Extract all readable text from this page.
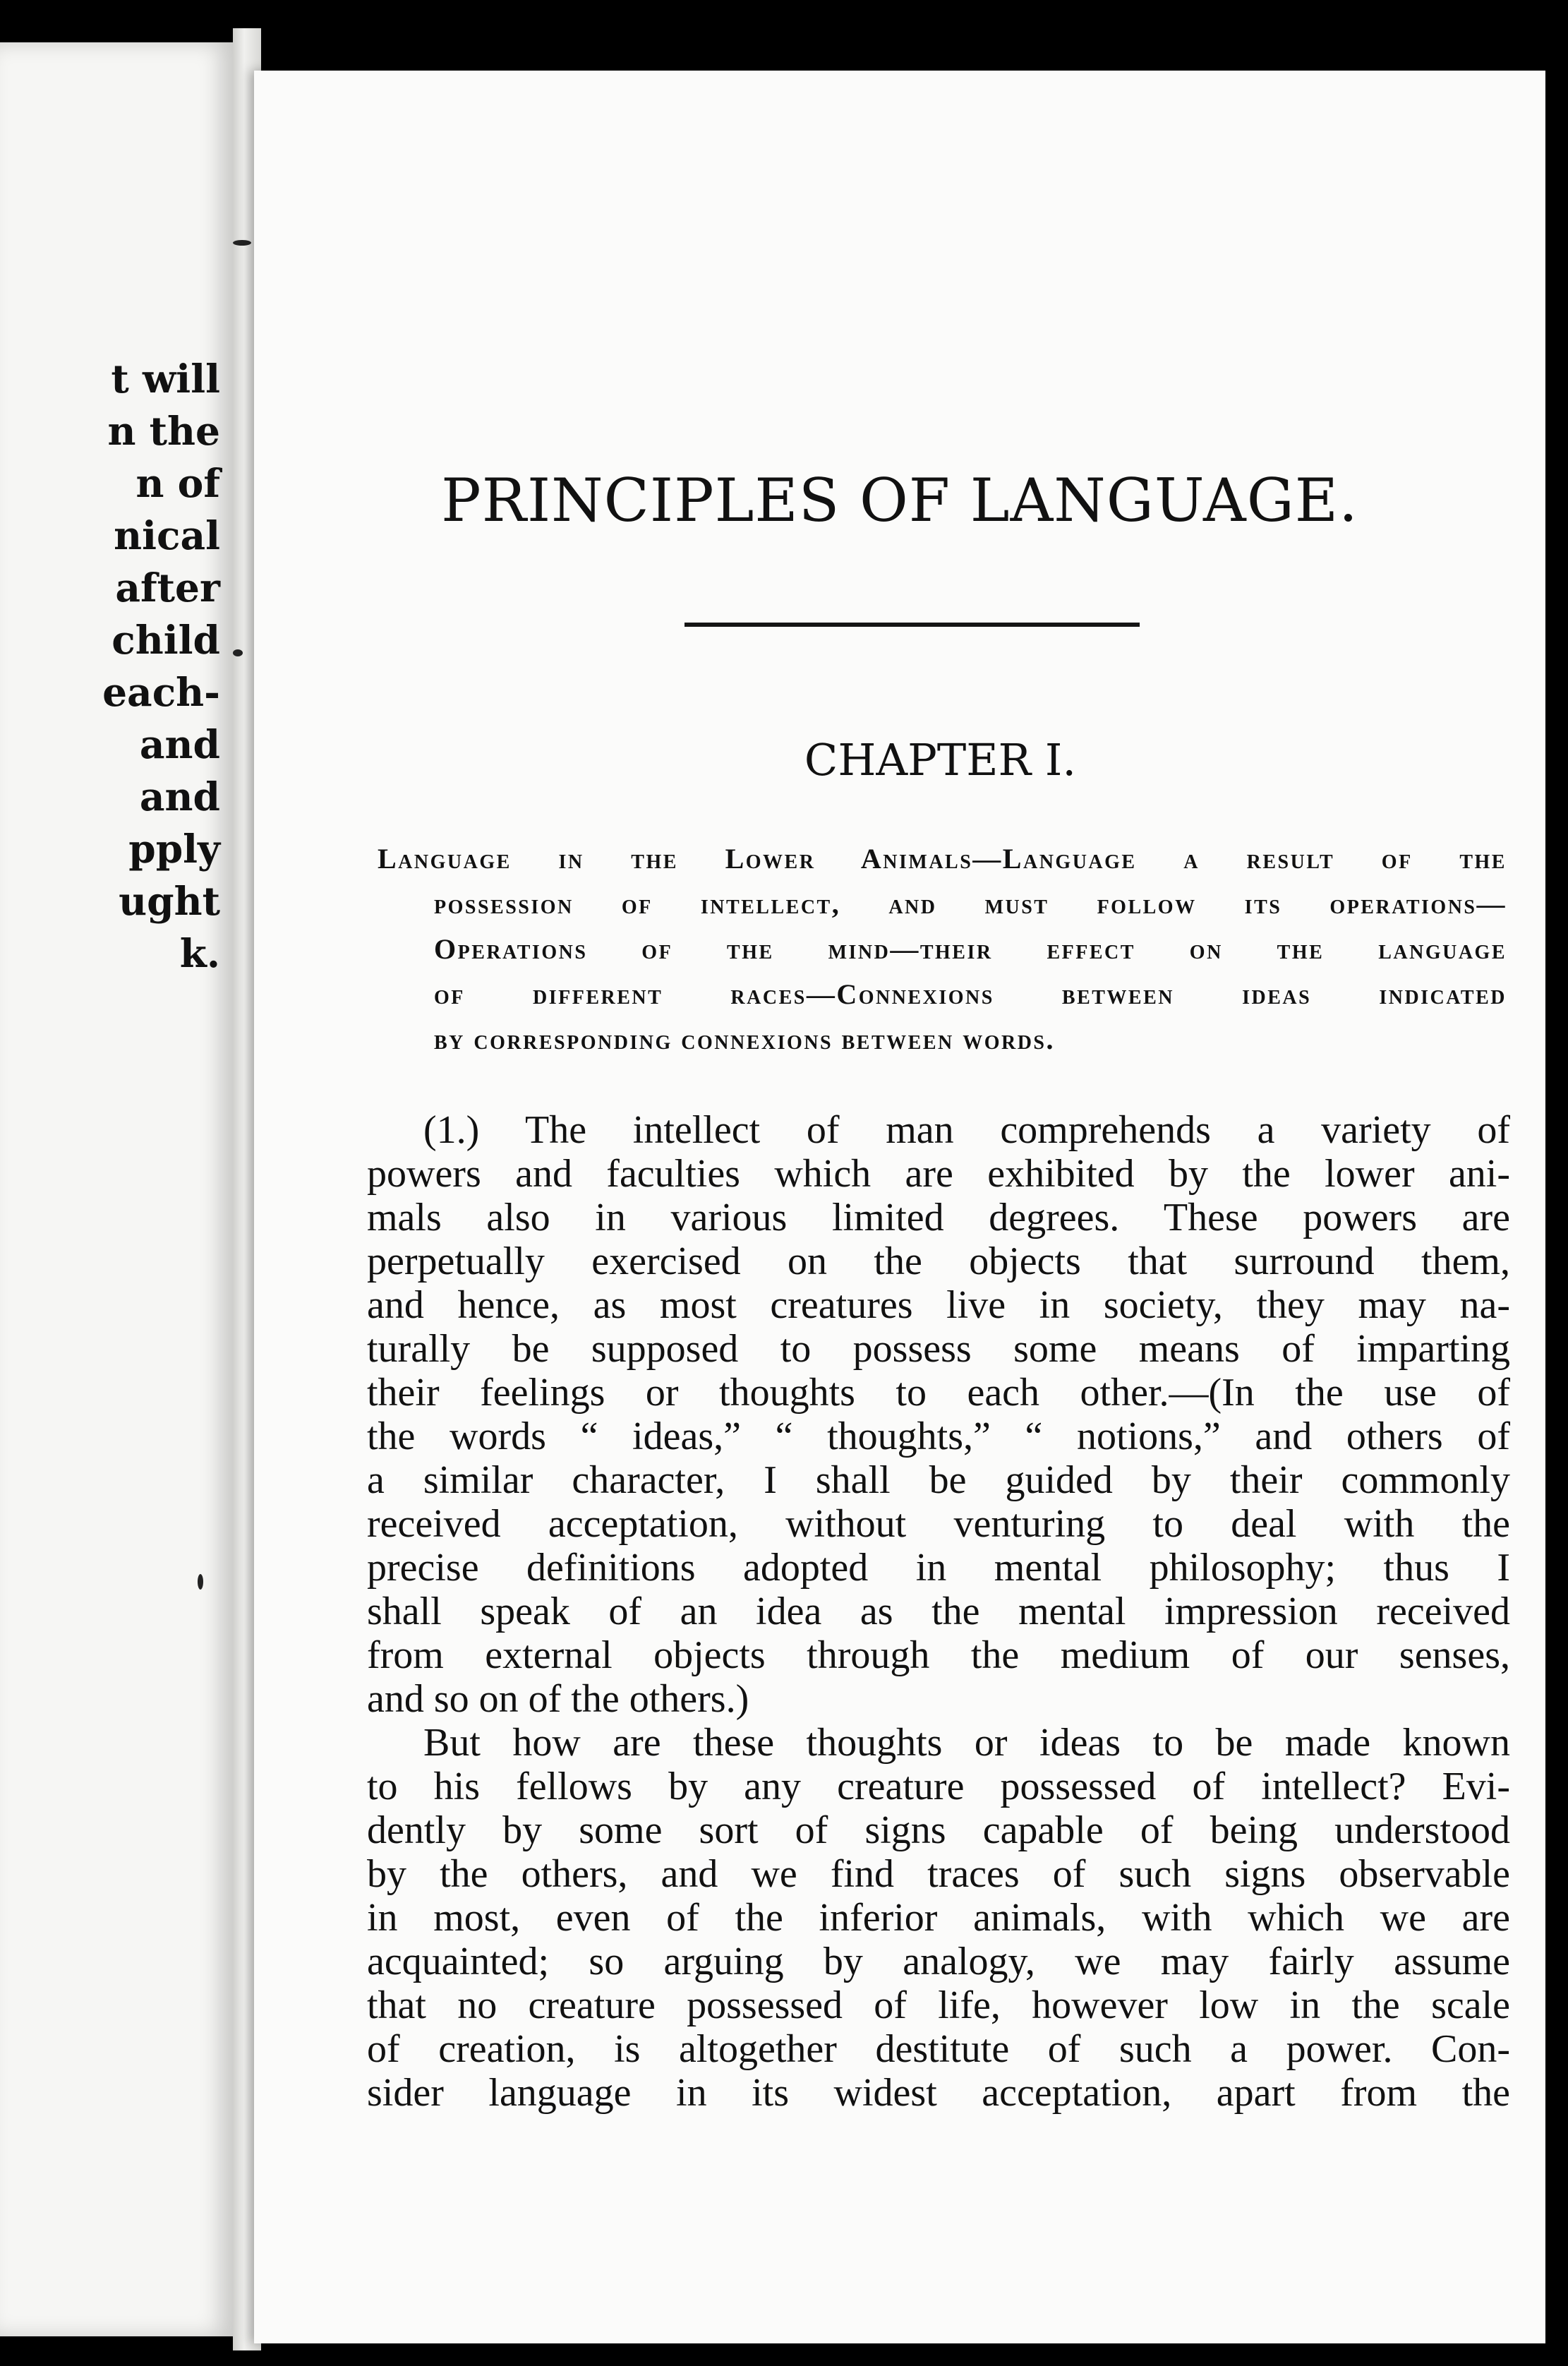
t will
n the
n of
nical
after
child
each-
and
and
pply
ught
k.
PRINCIPLES OF LANGUAGE.
CHAPTER I.
Language in the Lower Animals—Language a result of the
possession of intellect, and must follow its operations—
Operations of the mind—their effect on the language
of different races—Connexions between ideas indicated
by corresponding connexions between words.
(1.) The intellect of man comprehends a variety of
powers and faculties which are exhibited by the lower ani-
mals also in various limited degrees. These powers are
perpetually exercised on the objects that surround them,
and hence, as most creatures live in society, they may na-
turally be supposed to possess some means of imparting
their feelings or thoughts to each other.—(In the use of
the words “ ideas,” “ thoughts,” “ notions,” and others of
a similar character, I shall be guided by their commonly
received acceptation, without venturing to deal with the
precise definitions adopted in mental philosophy; thus I
shall speak of an idea as the mental impression received
from external objects through the medium of our senses,
and so on of the others.)
But how are these thoughts or ideas to be made known
to his fellows by any creature possessed of intellect? Evi-
dently by some sort of signs capable of being understood
by the others, and we find traces of such signs observable
in most, even of the inferior animals, with which we are
acquainted; so arguing by analogy, we may fairly assume
that no creature possessed of life, however low in the scale
of creation, is altogether destitute of such a power. Con-
sider language in its widest acceptation, apart from the
